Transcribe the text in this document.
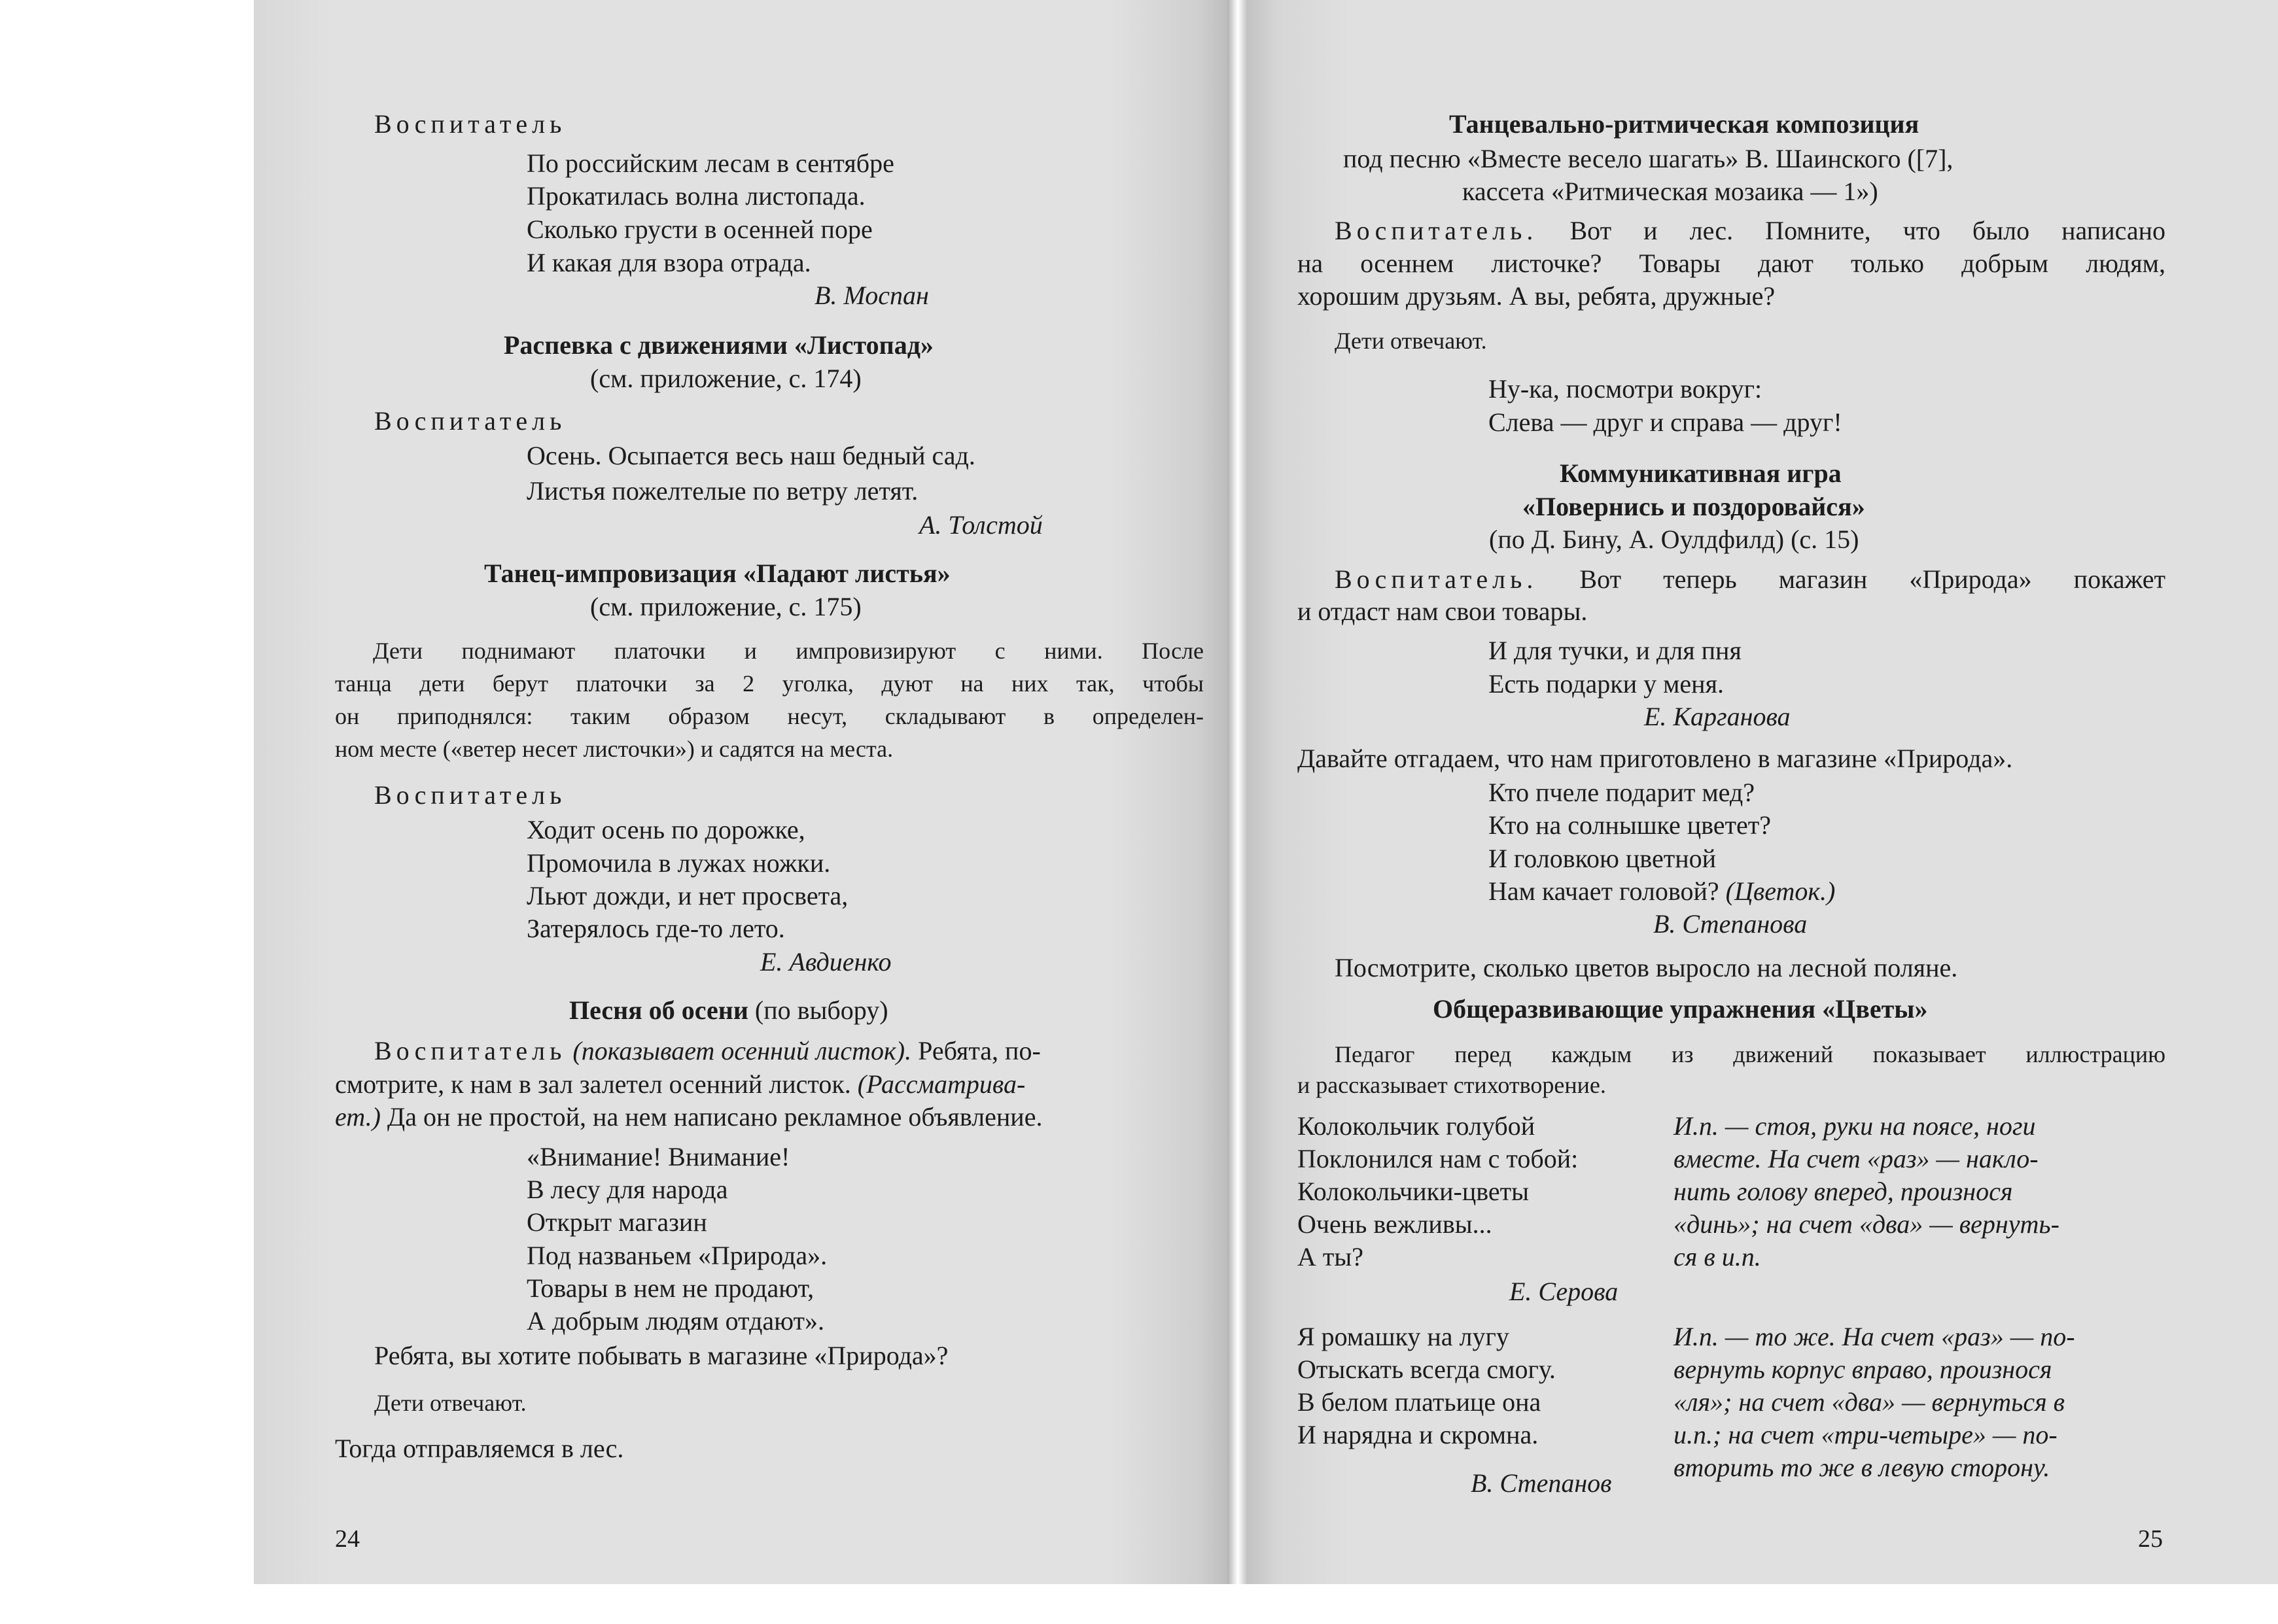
Воспитатель
По российским лесам в сентябре
Прокатилась волна листопада.
Сколько грусти в осенней поре
И какая для взора отрада.
В. Моспан
Распевка с движениями «Листопад»
(см. приложение, с. 174)
Воспитатель
Осень. Осыпается весь наш бедный сад.
Листья пожелтелые по ветру летят.
А. Толстой
Танец-импровизация «Падают листья»
(см. приложение, с. 175)
Дети поднимают платочки и импровизируют с ними. После
танца дети берут платочки за 2 уголка, дуют на них так, чтобы
он приподнялся: таким образом несут, складывают в определен-
ном месте («ветер несет листочки») и садятся на места.
Воспитатель
Ходит осень по дорожке,
Промочила в лужах ножки.
Льют дожди, и нет просвета,
Затерялось где-то лето.
Е. Авдиенко
Песня об осени (по выбору)
Воспитатель (показывает осенний листок). Ребята, по-
смотрите, к нам в зал залетел осенний листок. (Рассматрива-
ет.) Да он не простой, на нем написано рекламное объявление.
«Внимание! Внимание!
В лесу для народа
Открыт магазин
Под названьем «Природа».
Товары в нем не продают,
А добрым людям отдают».
Ребята, вы хотите побывать в магазине «Природа»?
Дети отвечают.
Тогда отправляемся в лес.
24
Танцевально-ритмическая композиция
под песню «Вместе весело шагать» В. Шаинского ([7],
кассета «Ритмическая мозаика — 1»)
Воспитатель. Вот и лес. Помните, что было написано
на осеннем листочке? Товары дают только добрым людям,
хорошим друзьям. А вы, ребята, дружные?
Дети отвечают.
Ну-ка, посмотри вокруг:
Слева — друг и справа — друг!
Коммуникативная игра
«Повернись и поздоровайся»
(по Д. Бину, А. Оулдфилд) (с. 15)
Воспитатель. Вот теперь магазин «Природа» покажет
и отдаст нам свои товары.
И для тучки, и для пня
Есть подарки у меня.
Е. Карганова
Давайте отгадаем, что нам приготовлено в магазине «Природа».
Кто пчеле подарит мед?
Кто на солнышке цветет?
И головкою цветной
Нам качает головой? (Цветок.)
В. Степанова
Посмотрите, сколько цветов выросло на лесной поляне.
Общеразвивающие упражнения «Цветы»
Педагог перед каждым из движений показывает иллюстрацию
и рассказывает стихотворение.
Колокольчик голубой
Поклонился нам с тобой:
Колокольчики-цветы
Очень вежливы...
А ты?
И.п. — стоя, руки на поясе, ноги
вместе. На счет «раз» — накло-
нить голову вперед, произнося
«динь»; на счет «два» — вернуть-
ся в и.п.
Е. Серова
Я ромашку на лугу
Отыскать всегда смогу.
В белом платьице она
И нарядна и скромна.
И.п. — то же. На счет «раз» — по-
вернуть корпус вправо, произнося
«ля»; на счет «два» — вернуться в
и.п.; на счет «три-четыре» — по-
вторить то же в левую сторону.
В. Степанов
25
